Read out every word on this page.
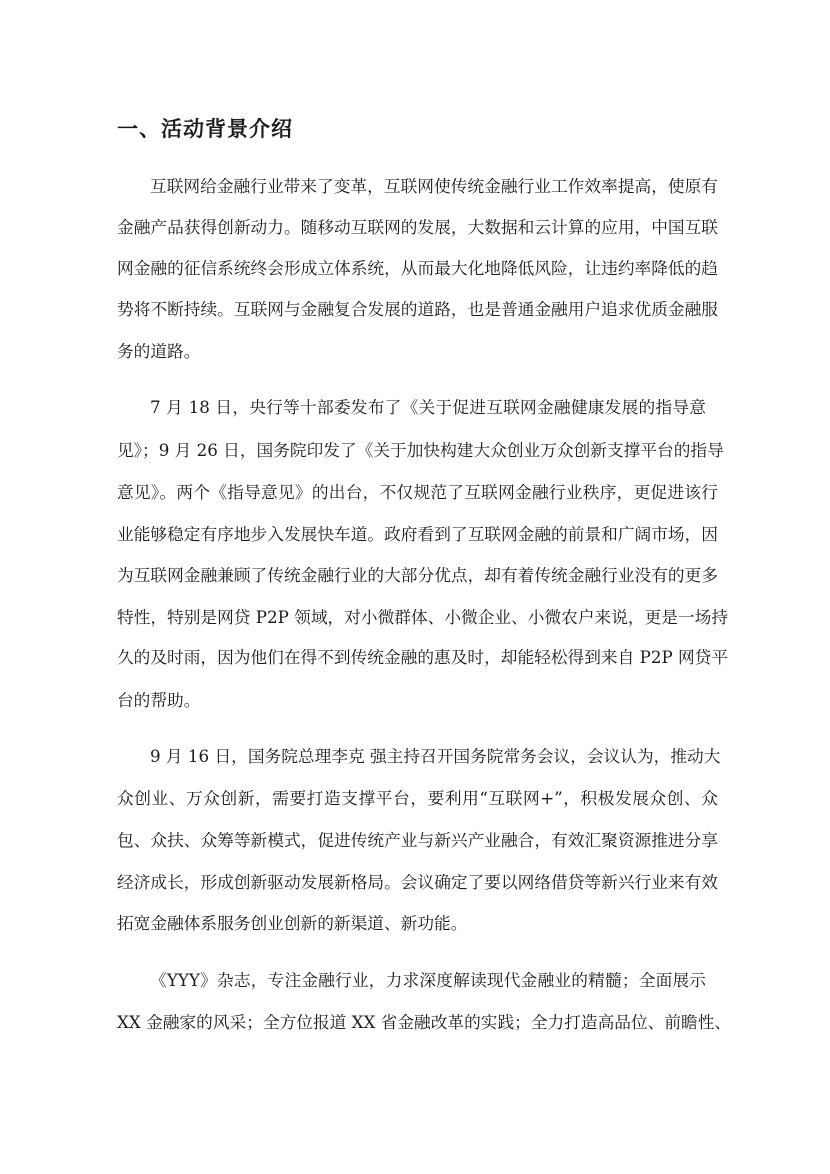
一、活动背景介绍
互联网给金融行业带来了变革，互联网使传统金融行业工作效率提高，使原有
金融产品获得创新动力。随移动互联网的发展，大数据和云计算的应用，中国互联
网金融的征信系统终会形成立体系统，从而最大化地降低风险，让违约率降低的趋
势将不断持续。互联网与金融复合发展的道路，也是普通金融用户追求优质金融服
务的道路。
7 月 18 日，央行等十部委发布了《关于促进互联网金融健康发展的指导意
见》；9 月 26 日，国务院印发了《关于加快构建大众创业万众创新支撑平台的指导
意见》。两个《指导意见》的出台，不仅规范了互联网金融行业秩序，更促进该行
业能够稳定有序地步入发展快车道。政府看到了互联网金融的前景和广阔市场，因
为互联网金融兼顾了传统金融行业的大部分优点，却有着传统金融行业没有的更多
特性，特别是网贷 P2P 领域，对小微群体、小微企业、小微农户来说，更是一场持
久的及时雨，因为他们在得不到传统金融的惠及时，却能轻松得到来自 P2P 网贷平
台的帮助。
9 月 16 日，国务院总理李克 强主持召开国务院常务会议，会议认为，推动大
众创业、万众创新，需要打造支撑平台，要利用“互联网+”，积极发展众创、众
包、众扶、众筹等新模式，促进传统产业与新兴产业融合，有效汇聚资源推进分享
经济成长，形成创新驱动发展新格局。会议确定了要以网络借贷等新兴行业来有效
拓宽金融体系服务创业创新的新渠道、新功能。
《YYY》杂志，专注金融行业，力求深度解读现代金融业的精髓；全面展示
XX 金融家的风采；全方位报道 XX 省金融改革的实践；全力打造高品位、前瞻性、
